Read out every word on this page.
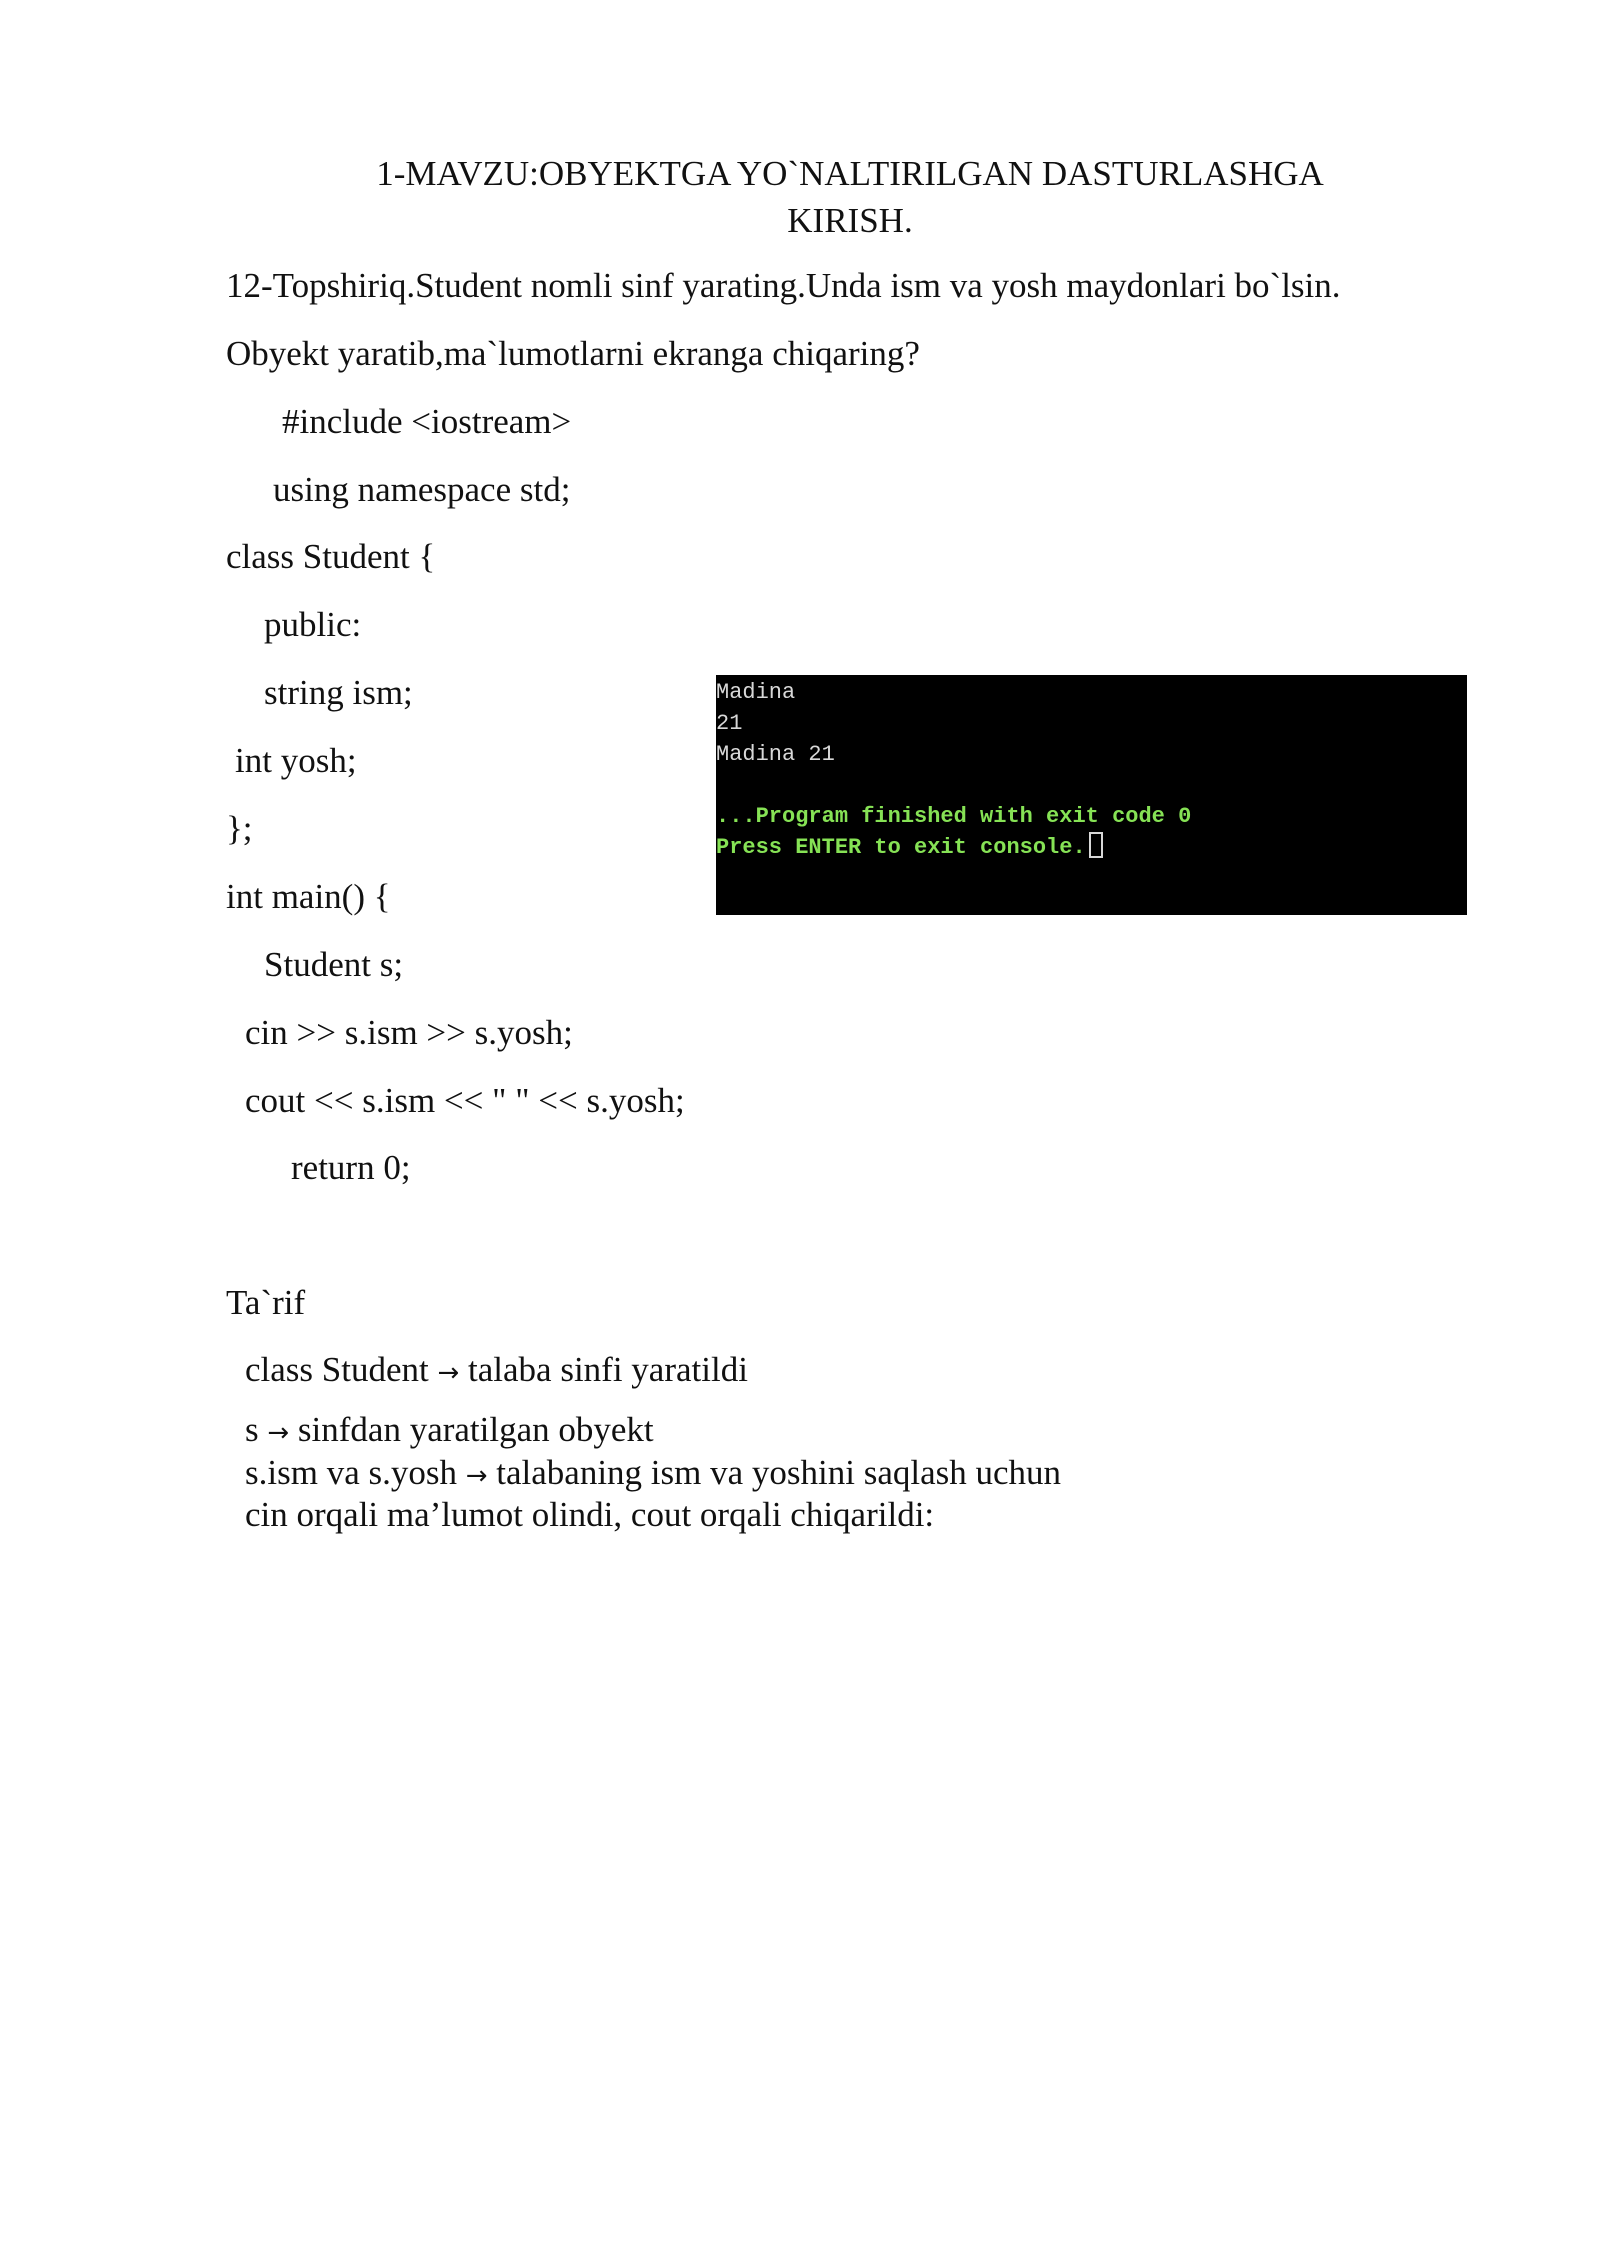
1-MAVZU:OBYEKTGA YO`NALTIRILGAN DASTURLASHGA
KIRISH.
12-Topshiriq.Student nomli sinf yarating.Unda ism va yosh maydonlari bo`lsin.
Obyekt yaratib,ma`lumotlarni ekranga chiqaring?
#include <iostream>
using namespace std;
class Student {
public:
string ism;
int yosh;
};
int main() {
Student s;
cin >> s.ism >> s.yosh;
cout << s.ism << " " << s.yosh;
return 0;
Madina
21
Madina 21
...Program finished with exit code 0
Press ENTER to exit console.
Ta`rif
class Student → talaba sinfi yaratildi
s → sinfdan yaratilgan obyekt
s.ism va s.yosh → talabaning ism va yoshini saqlash uchun
cin orqali ma’lumot olindi, cout orqali chiqarildi:
